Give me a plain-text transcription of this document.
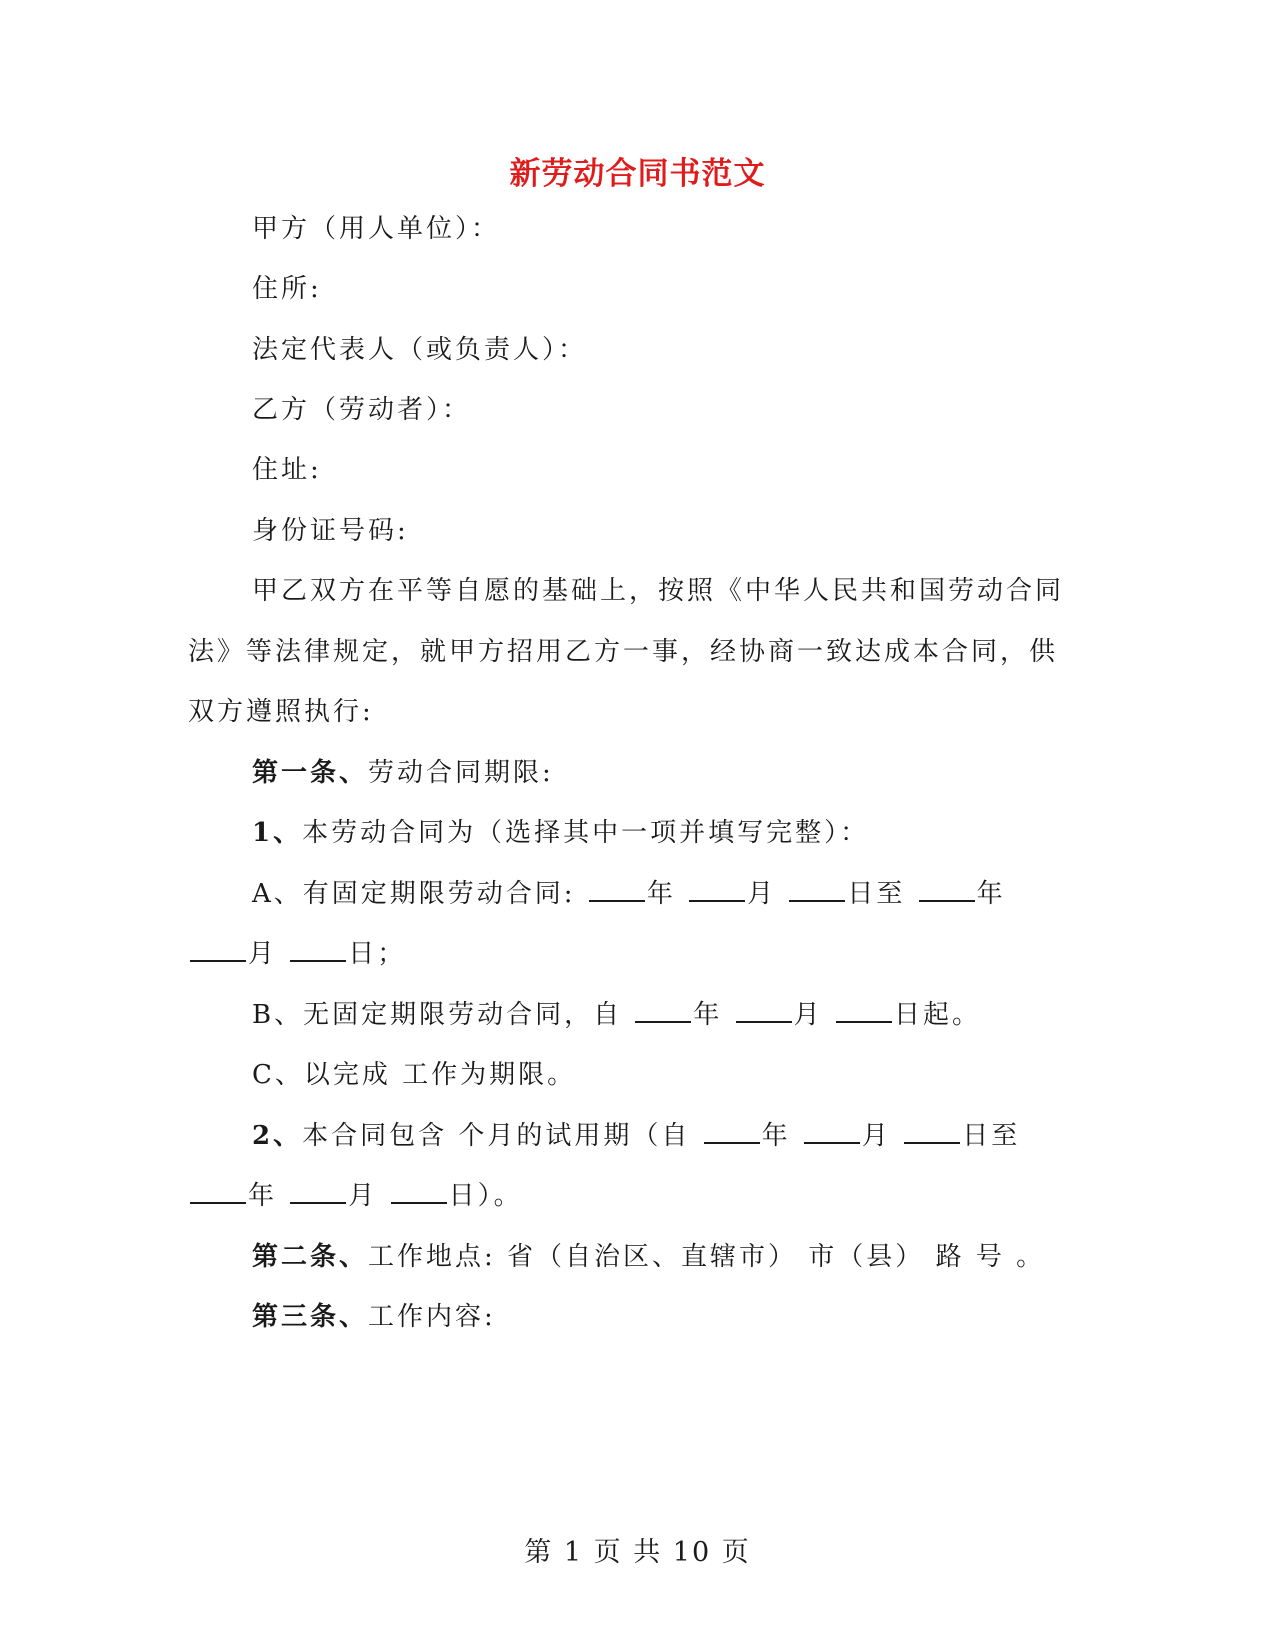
新劳动合同书范文
甲方（用人单位）：
住所:
法定代表人（或负责人）：
乙方（劳动者）：
住址:
身份证号码:
甲乙双方在平等自愿的基础上，按照《中华人民共和国劳动合同
法》等法律规定，就甲方招用乙方一事，经协商一致达成本合同，供
双方遵照执行:
第一条、劳动合同期限:
1、本劳动合同为（选择其中一项并填写完整）：
A、有固定期限劳动合同:	年	月	日至	年
月	日；
B、无固定期限劳动合同，自	年	月	日起。
C、以完成 工作为期限。
2、本合同包含 个月的试用期（自	年	月	日至
年	月	日）。
第二条、工作地点: 省（自治区、直辖市） 市（县） 路 号 。
第三条、工作内容:
第 1 页 共 10 页
